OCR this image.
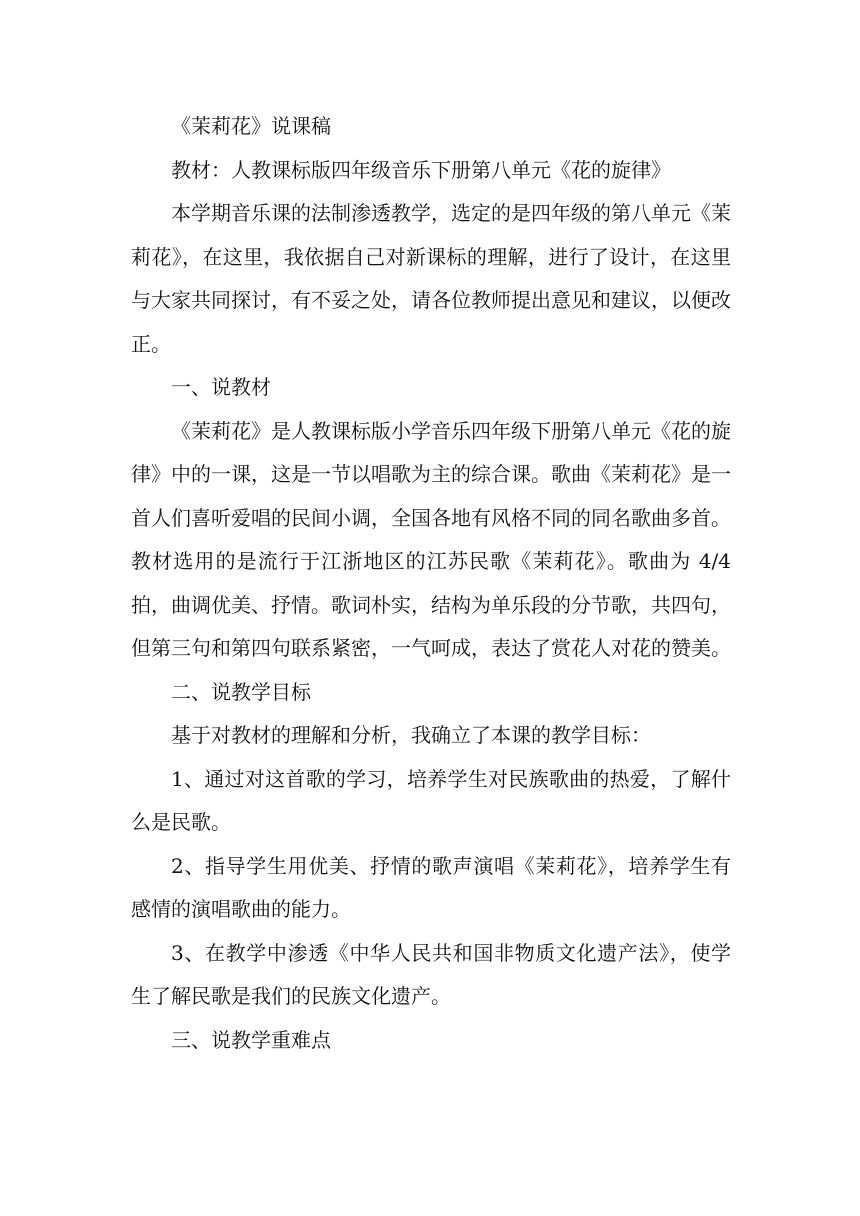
《茉莉花》说课稿

教材：人教课标版四年级音乐下册第八单元《花的旋律》

本学期音乐课的法制渗透教学，选定的是四年级的第八单元《茉莉花》，在这里，我依据自己对新课标的理解，进行了设计，在这里与大家共同探讨，有不妥之处，请各位教师提出意见和建议，以便改正。

一、说教材

《茉莉花》是人教课标版小学音乐四年级下册第八单元《花的旋律》中的一课，这是一节以唱歌为主的综合课。歌曲《茉莉花》是一首人们喜听爱唱的民间小调，全国各地有风格不同的同名歌曲多首。教材选用的是流行于江浙地区的江苏民歌《茉莉花》。歌曲为 4/4 拍，曲调优美、抒情。歌词朴实，结构为单乐段的分节歌，共四句，但第三句和第四句联系紧密，一气呵成，表达了赏花人对花的赞美。

二、说教学目标

基于对教材的理解和分析，我确立了本课的教学目标：

1、通过对这首歌的学习，培养学生对民族歌曲的热爱，了解什么是民歌。

2、指导学生用优美、抒情的歌声演唱《茉莉花》，培养学生有感情的演唱歌曲的能力。

3、在教学中渗透《中华人民共和国非物质文化遗产法》，使学生了解民歌是我们的民族文化遗产。

三、说教学重难点
